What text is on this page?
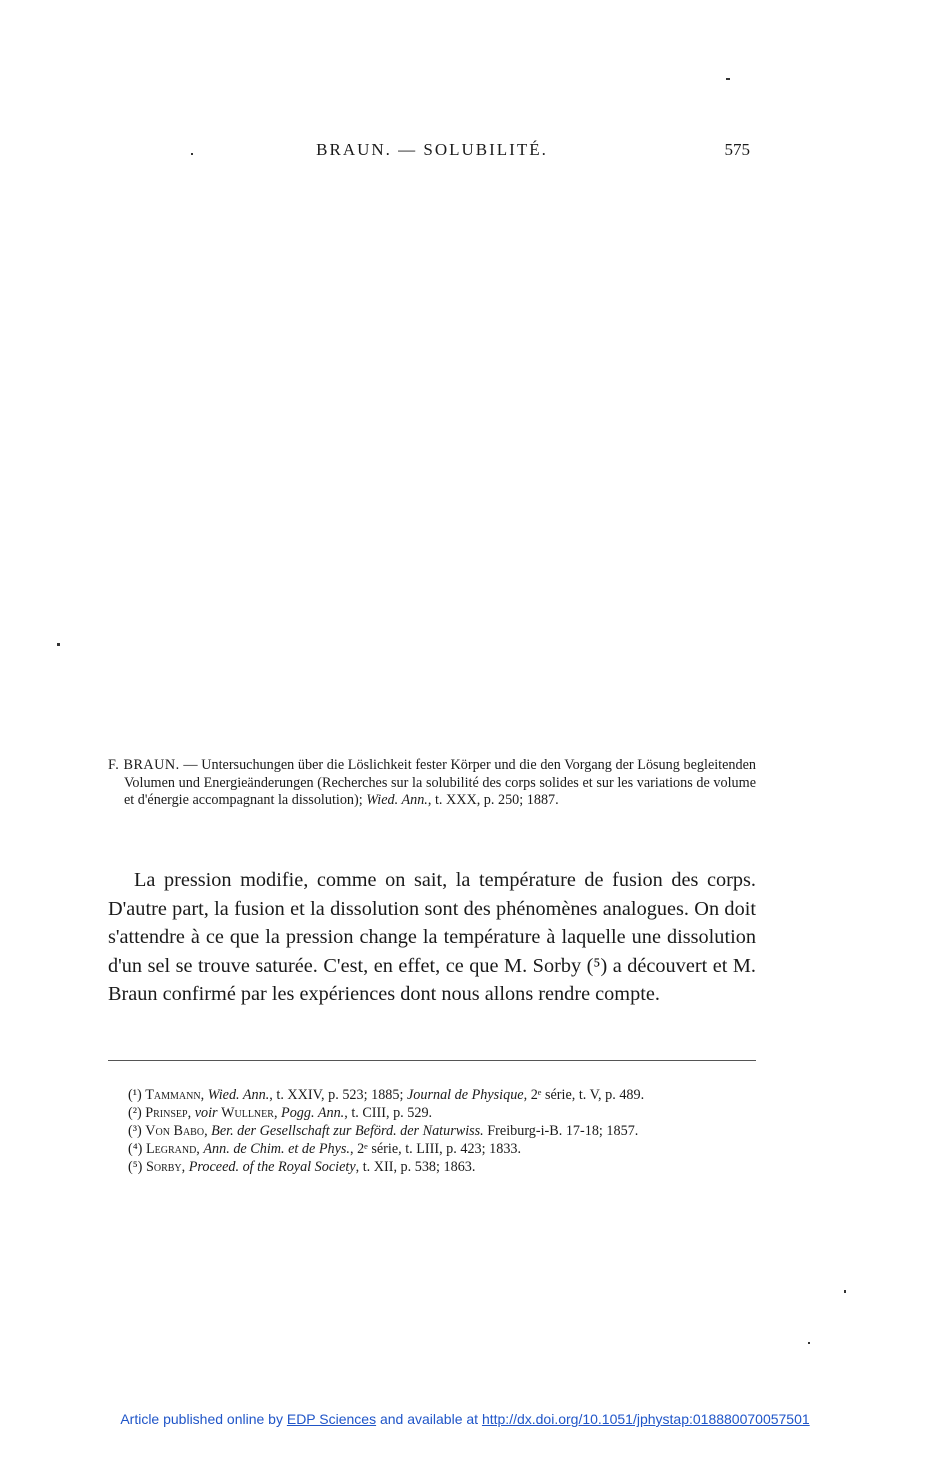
BRAUN. — SOLUBILITÉ.	575
F. BRAUN. — Untersuchungen über die Löslichkeit fester Körper und die den Vorgang der Lösung begleitenden Volumen und Energieänderungen (Recherches sur la solubilité des corps solides et sur les variations de volume et d'énergie accompagnant la dissolution); Wied. Ann., t. XXX, p. 250; 1887.

La pression modifie, comme on sait, la température de fusion des corps. D'autre part, la fusion et la dissolution sont des phénomènes analogues. On doit s'attendre à ce que la pression change la température à laquelle une dissolution d'un sel se trouve saturée. C'est, en effet, ce que M. Sorby (⁵) a découvert et M. Braun confirmé par les expériences dont nous allons rendre compte.

(¹) Tammann, Wied. Ann., t. XXIV, p. 523; 1885; Journal de Physique, 2ᵉ série, t. V, p. 489.

(²) Prinsep, voir Wullner, Pogg. Ann., t. CIII, p. 529.

(³) Von Babo, Ber. der Gesellschaft zur Beförd. der Naturwiss. Freiburg-i-B. 17-18; 1857.

(⁴) Legrand, Ann. de Chim. et de Phys., 2ᵉ série, t. LIII, p. 423; 1833.

(⁵) Sorby, Proceed. of the Royal Society, t. XII, p. 538; 1863.

Article published online by EDP Sciences and available at http://dx.doi.org/10.1051/jphystap:018880070057501
